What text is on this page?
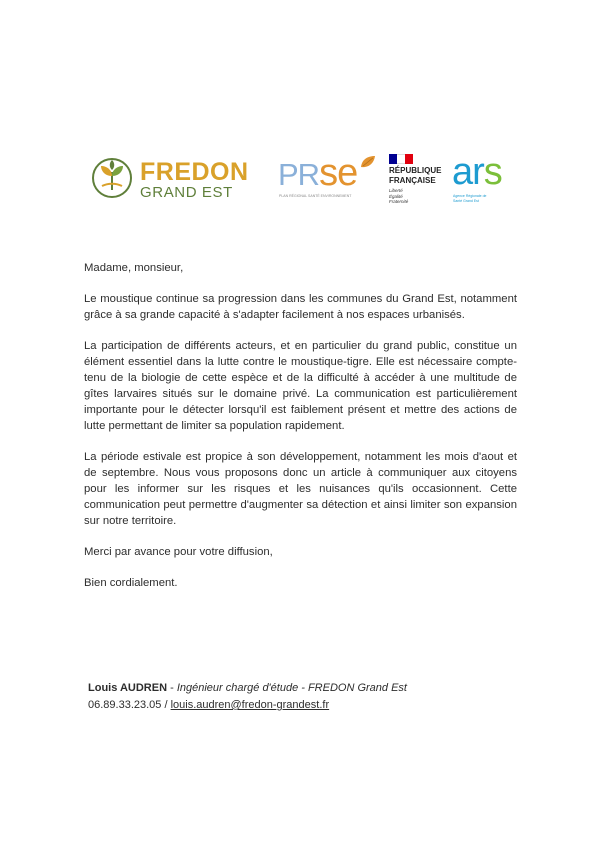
FREDON
GRAND EST
PRse
PLAN RÉGIONAL SANTÉ ENVIRONNEMENT
RÉPUBLIQUE
FRANÇAISE
Liberté
Égalité
Fraternité
ars
Agence Régionale de Santé Grand Est

Madame, monsieur,

Le moustique continue sa progression dans les communes du Grand Est, notamment grâce à sa grande capacité à s'adapter facilement à nos espaces urbanisés.

La participation de différents acteurs, et en particulier du grand public, constitue un élément essentiel dans la lutte contre le moustique-tigre. Elle est nécessaire compte-tenu de la biologie de cette espèce et de la difficulté à accéder à une multitude de gîtes larvaires situés sur le domaine privé. La communication est particulièrement importante pour le détecter lorsqu'il est faiblement présent et mettre des actions de lutte permettant de limiter sa population rapidement.

La période estivale est propice à son développement, notamment les mois d'aout et de septembre. Nous vous proposons donc un article à communiquer aux citoyens pour les informer sur les risques et les nuisances qu'ils occasionnent. Cette communication peut permettre d'augmenter sa détection et ainsi limiter son expansion sur notre territoire.

Merci par avance pour votre diffusion,

Bien cordialement.

Louis AUDREN - Ingénieur chargé d'étude - FREDON Grand Est
06.89.33.23.05 / louis.audren@fredon-grandest.fr
